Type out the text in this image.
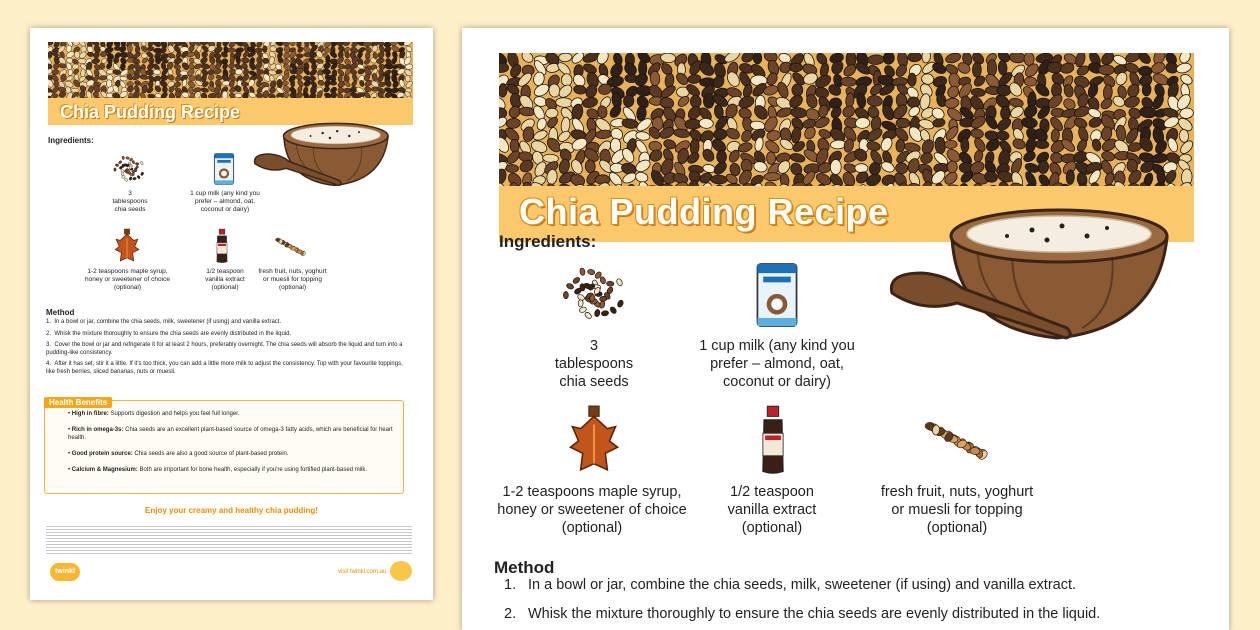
Chia Pudding Recipe
Ingredients:
3
tablespoons
chia seeds
1 cup milk (any kind you
prefer – almond, oat,
coconut or dairy)
1-2 teaspoons maple syrup,
honey or sweetener of choice
(optional)
1/2 teaspoon
vanilla extract
(optional)
fresh fruit, nuts, yoghurt
or muesli for topping
(optional)
Method
1. In a bowl or jar, combine the chia seeds, milk, sweetener (if using) and vanilla extract.
2. Whisk the mixture thoroughly to ensure the chia seeds are evenly distributed in the liquid.
3. Cover the bowl or jar and refrigerate it for at least 2 hours, preferably overnight. The chia seeds will absorb the liquid and turn into a pudding-like consistency.
4. After it has set, stir it a little. If it's too thick, you can add a little more milk to adjust the consistency. Top with your favourite toppings, like fresh berries, sliced bananas, nuts or muesli.
Health Benefits
• High in fibre: Supports digestion and helps you feel full longer.
• Rich in omega-3s: Chia seeds are an excellent plant-based source of omega-3 fatty acids, which are beneficial for heart health.
• Good protein source: Chia seeds are also a good source of plant-based protein.
• Calcium & Magnesium: Both are important for bone health, especially if you're using fortified plant-based milk.
Enjoy your creamy and healthy chia pudding!
twinkl	visit twinkl.com.au
Chia Pudding Recipe
Ingredients:
3
tablespoons
chia seeds
1 cup milk (any kind you
prefer – almond, oat,
coconut or dairy)
1-2 teaspoons maple syrup,
honey or sweetener of choice
(optional)
1/2 teaspoon
vanilla extract
(optional)
fresh fruit, nuts, yoghurt
or muesli for topping
(optional)
Method
1. In a bowl or jar, combine the chia seeds, milk, sweetener (if using) and vanilla extract.
2. Whisk the mixture thoroughly to ensure the chia seeds are evenly distributed in the liquid.
